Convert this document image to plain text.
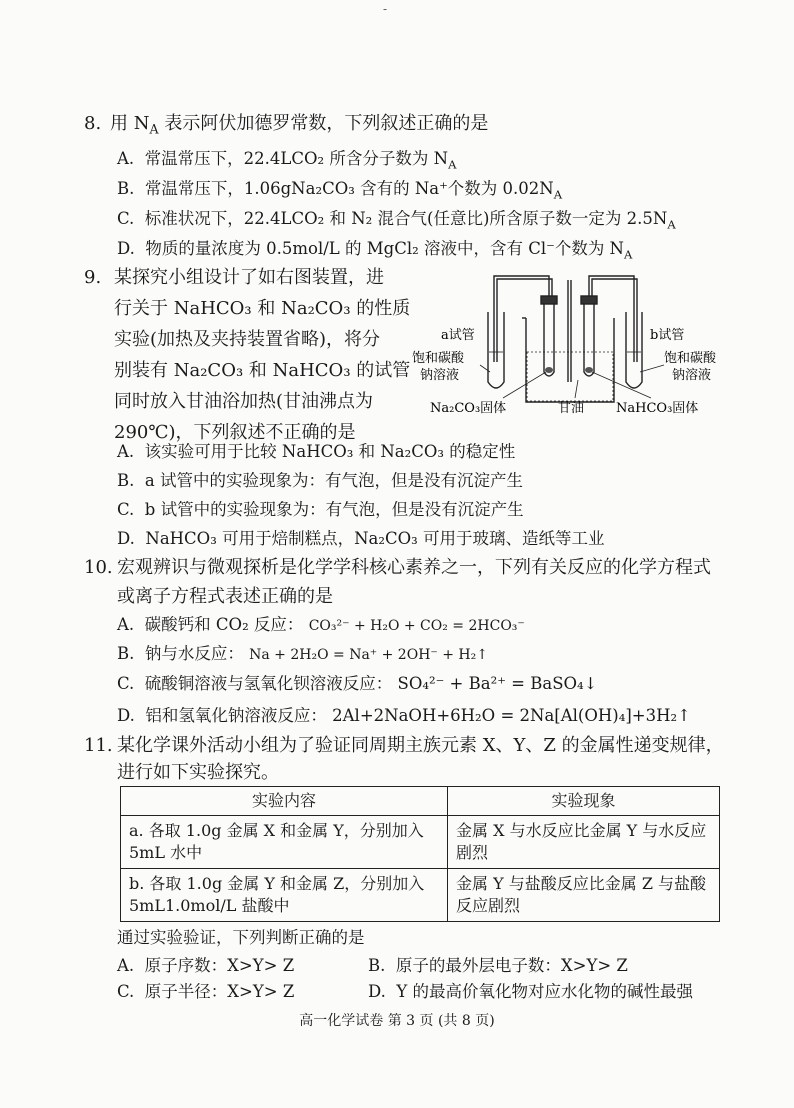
-
8. 用 $N_A$ 表示阿伏加德罗常数，下列叙述正确的是
A. 常温常压下，22.4LCO₂ 所含分子数为 $N_A$
B. 常温常压下，1.06gNa₂CO₃ 含有的 Na⁺个数为 $0.02N_A$
C. 标准状况下，22.4LCO₂ 和 N₂ 混合气(任意比)所含原子数一定为 $2.5N_A$
D. 物质的量浓度为 0.5mol/L 的 MgCl₂ 溶液中，含有 Cl⁻个数为 $N_A$
9. 某探究小组设计了如右图装置，进
行关于 NaHCO₃ 和 Na₂CO₃ 的性质
实验(加热及夹持装置省略)，将分
别装有 Na₂CO₃ 和 NaHCO₃ 的试管
同时放入甘油浴加热(甘油沸点为
290℃)，下列叙述不正确的是
a试管	b试管
饱和碳酸
钠溶液
饱和碳酸
钠溶液
Na₂CO₃固体	甘油 NaHCO₃固体
A. 该实验可用于比较 NaHCO₃ 和 Na₂CO₃ 的稳定性
B. a 试管中的实验现象为：有气泡，但是没有沉淀产生
C. b 试管中的实验现象为：有气泡，但是没有沉淀产生
D. NaHCO₃ 可用于焙制糕点，Na₂CO₃ 可用于玻璃、造纸等工业
10. 宏观辨识与微观探析是化学学科核心素养之一，下列有关反应的化学方程式
或离子方程式表述正确的是
A. 碳酸钙和 CO₂ 反应： CO₃²⁻ + H₂O + CO₂ = 2HCO₃⁻
B. 钠与水反应： Na + 2H₂O = Na⁺ + 2OH⁻ + H₂↑
C. 硫酸铜溶液与氢氧化钡溶液反应： SO₄²⁻ + Ba²⁺ = BaSO₄↓
D. 铝和氢氧化钠溶液反应： 2Al+2NaOH+6H₂O = 2Na[Al(OH)₄]+3H₂↑
11. 某化学课外活动小组为了验证同周期主族元素 X、Y、Z 的金属性递变规律，
进行如下实验探究。
实验内容	实验现象
a. 各取 1.0g 金属 X 和金属 Y，分别加入 5mL 水中	金属 X 与水反应比金属 Y 与水反应剧烈
b. 各取 1.0g 金属 Y 和金属 Z，分别加入 5mL1.0mol/L 盐酸中	金属 Y 与盐酸反应比金属 Z 与盐酸反应剧烈
通过实验验证，下列判断正确的是
A. 原子序数：X>Y> Z	B. 原子的最外层电子数：X>Y> Z
C. 原子半径：X>Y> Z	D. Y 的最高价氧化物对应水化物的碱性最强
高一化学试卷 第 3 页 (共 8 页)
